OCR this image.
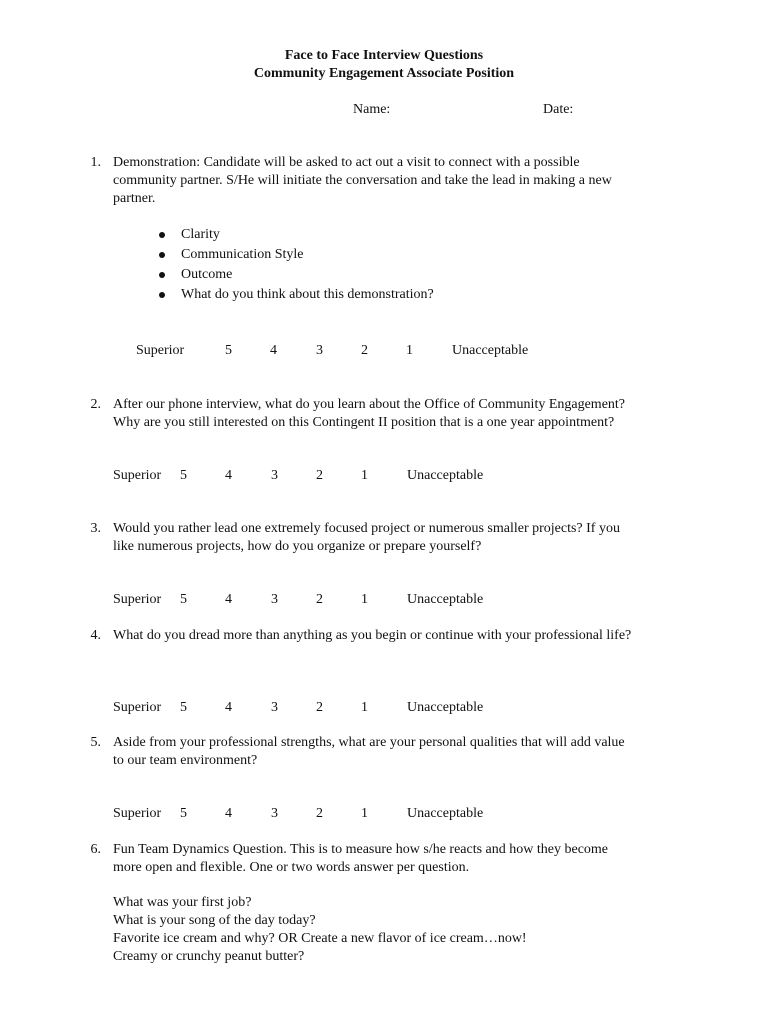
Face to Face Interview Questions
Community Engagement Associate Position
Name:	Date:
1. Demonstration: Candidate will be asked to act out a visit to connect with a possible
community partner. S/He will initiate the conversation and take the lead in making a new
partner.
Clarity
Communication Style
Outcome
What do you think about this demonstration?
Superior	5	4	3	2	1	Unacceptable
2. After our phone interview, what do you learn about the Office of Community Engagement?
Why are you still interested on this Contingent II position that is a one year appointment?
Superior 5	4	3	2	1	Unacceptable
3. Would you rather lead one extremely focused project or numerous smaller projects? If you
like numerous projects, how do you organize or prepare yourself?
Superior 5	4	3	2	1	Unacceptable
4. What do you dread more than anything as you begin or continue with your professional life?
Superior 5	4	3	2	1	Unacceptable
5. Aside from your professional strengths, what are your personal qualities that will add value
to our team environment?
Superior 5	4	3	2	1	Unacceptable
6. Fun Team Dynamics Question. This is to measure how s/he reacts and how they become
more open and flexible. One or two words answer per question.
What was your first job?
What is your song of the day today?
Favorite ice cream and why? OR Create a new flavor of ice cream…now!
Creamy or crunchy peanut butter?
